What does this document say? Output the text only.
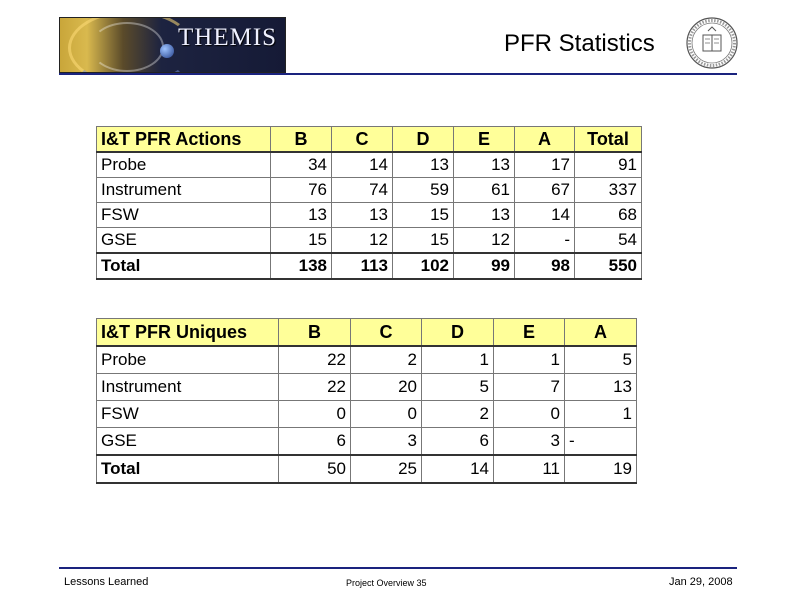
THEMIS	PFR Statistics
I&T PFR Actions	B	C	D	E	A	Total
Probe	34	14	13	13	17	91
Instrument	76	74	59	61	67	337
FSW	13	13	15	13	14	68
GSE	15	12	15	12	-	54
Total	138	113	102	99	98	550
I&T PFR Uniques	B	C	D	E	A
Probe	22	2	1	1	5
Instrument	22	20	5	7	13
FSW	0	0	2	0	1
GSE	6	3	6	3	-
Total	50	25	14	11	19
Lessons Learned	Project Overview 35	Jan 29, 2008
